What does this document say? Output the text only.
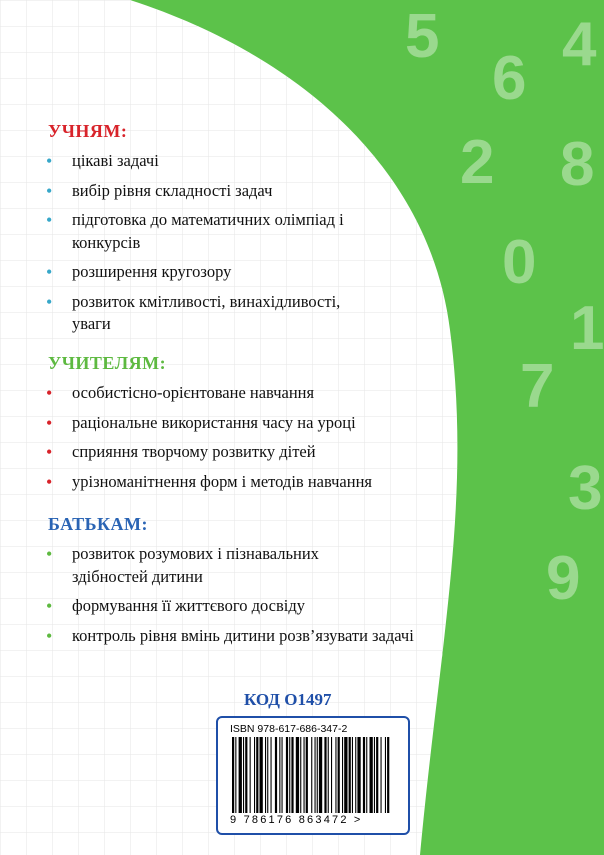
5 4
6
2 8
0
1
7
3
9
УЧНЯМ:
• цікаві задачі
• вибір рівня складності задач
• підготовка до математичних олімпіад і конкурсів
• розширення кругозору
• розвиток кмітливості, винахідливості, уваги
УЧИТЕЛЯМ:
• особистісно-орієнтоване навчання
• раціональне використання часу на уроці
• сприяння творчому розвитку дітей
• урізноманітнення форм і методів навчання
БАТЬКАМ:
• розвиток розумових і пізнавальних здібностей дитини
• формування її життєвого досвіду
• контроль рівня вмінь дитини розв’язувати задачі
КОД О1497
ISBN 978-617-686-347-2
9 786176 863472 >
